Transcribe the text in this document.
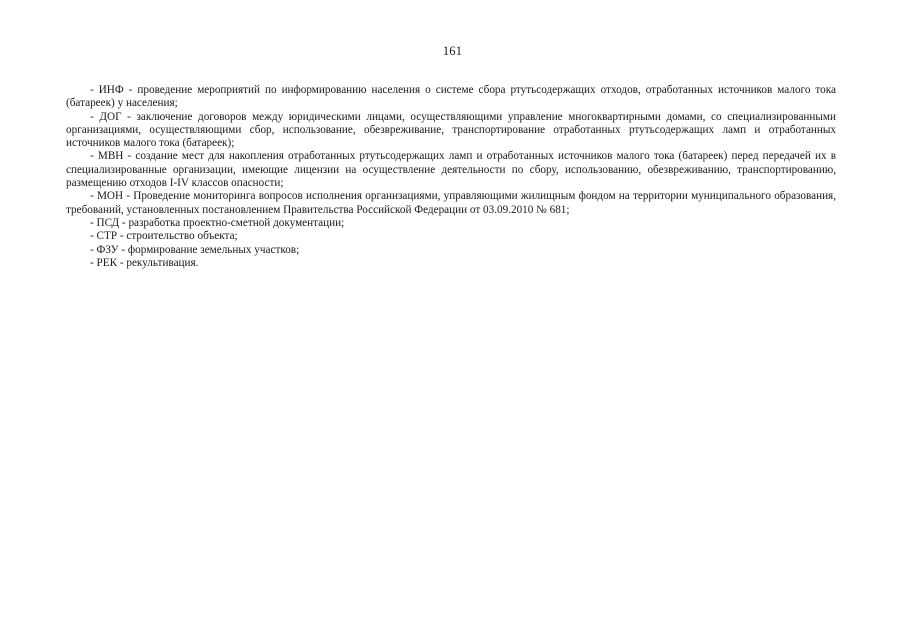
161

- ИНФ - проведение мероприятий по информированию населения о системе сбора ртутьсодержащих отходов, отработанных источников малого тока (батареек) у населения;

- ДОГ - заключение договоров между юридическими лицами, осуществляющими управление многоквартирными домами, со специализированными организациями, осуществляющими сбор, использование, обезвреживание, транспортирование отработанных ртутьсодержащих ламп и отработанных источников малого тока (батареек);

- МВН - создание мест для накопления отработанных ртутьсодержащих ламп и отработанных источников малого тока (батареек) перед передачей их в специализированные организации, имеющие лицензии на осуществление деятельности по сбору, использованию, обезвреживанию, транспортированию, размещению отходов I-IV классов опасности;

- МОН - Проведение мониторинга вопросов исполнения организациями, управляющими жилищным фондом на территории муниципального образования, требований, установленных постановлением Правительства Российской Федерации от 03.09.2010 № 681;

- ПСД - разработка проектно-сметной документации;

- СТР - строительство объекта;

- ФЗУ - формирование земельных участков;

- РЕК - рекультивация.
